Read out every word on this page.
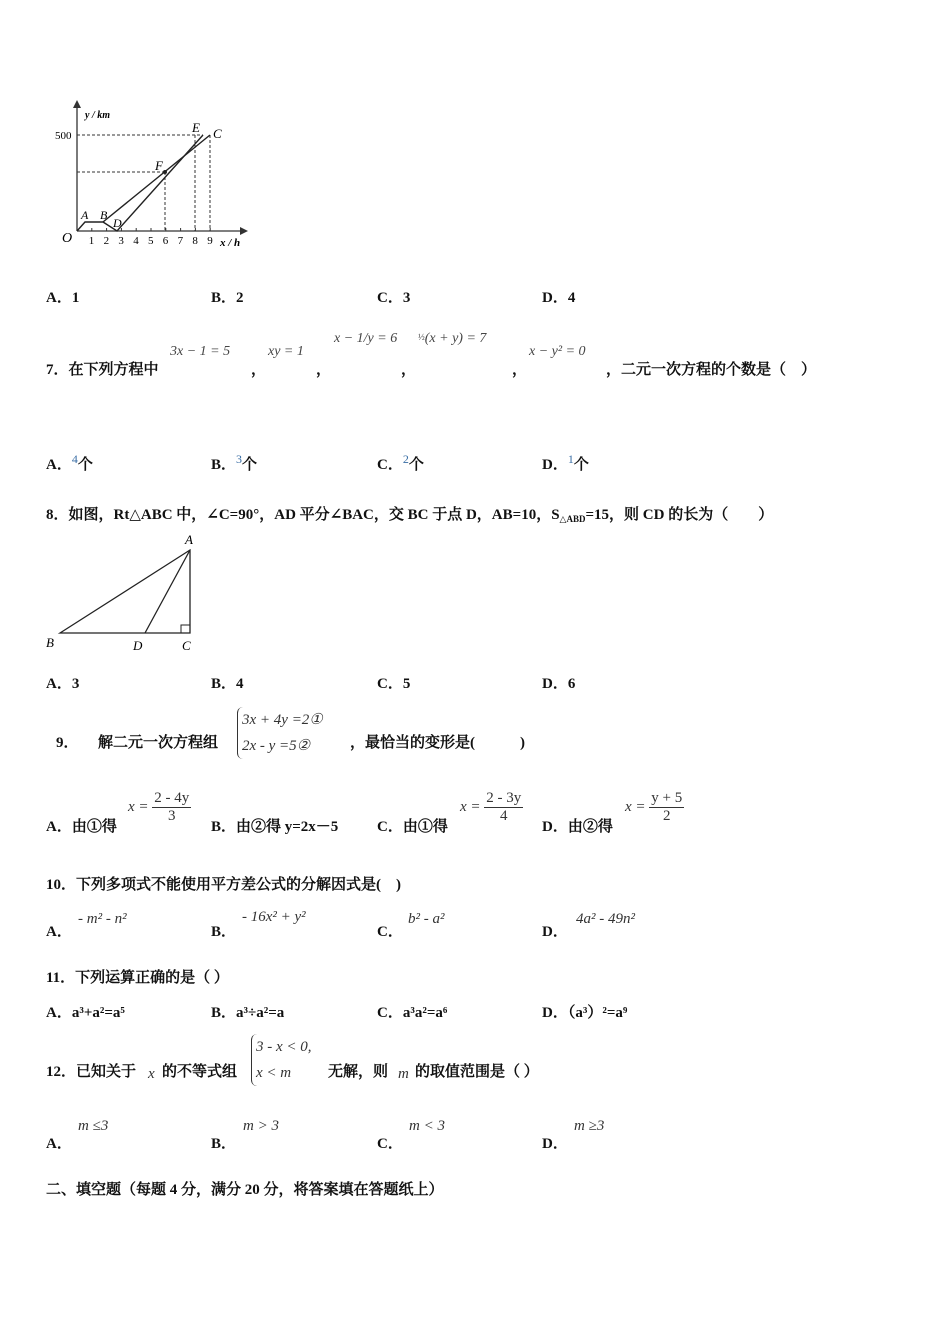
y / km
x / h
500
O 1 2 3 4 5 6 7 8 9
A B
D
E
F
C
A．1	B．2	C．3	D．4
7．在下列方程中
3x − 1 = 5
，
xy = 1
，
x − 1/y = 6
，
½(x + y) = 7
，
x − y² = 0
，二元一次方程的个数是（　）
A．$^4$个	B．$^3$个	C．$^2$个	D．$^1$个
8．如图，Rt△ABC 中，∠C=90°，AD 平分∠BAC，交 BC 于点 D，AB=10，$S_{\triangle ABD}=15$，则 CD 的长为（　　）
A
B	D	C
A．3	B．4	C．5	D．6
9． 解二元一次方程组
3x + 4y =2①
2x - y =5②	，最恰当的变形是(　　　)
A．由①得
$x = \frac{2 - 4y}{3}$
B．由②得 y=2x－5	C．由①得
$x = \frac{2 - 3y}{4}$
D．由②得
$x = \frac{y + 5}{2}$
10．下列多项式不能使用平方差公式的分解因式是(　)
A．
- m² - n²
B．
- 16x² + y²
C．
b² - a²
D．
4a² - 49n²
11．下列运算正确的是（ ）
A．a³+a²=a⁵	B．a³÷a²=a	C．a³a²=a⁶	D．（a³）²=a⁹
12．已知关于 x 的不等式组
3 - x < 0,
x < m	无解，则 m 的取值范围是（ ）
A．
m ≤3
B．
m > 3
C．
m < 3
D．
m ≥3
二、填空题（每题 4 分，满分 20 分，将答案填在答题纸上）
